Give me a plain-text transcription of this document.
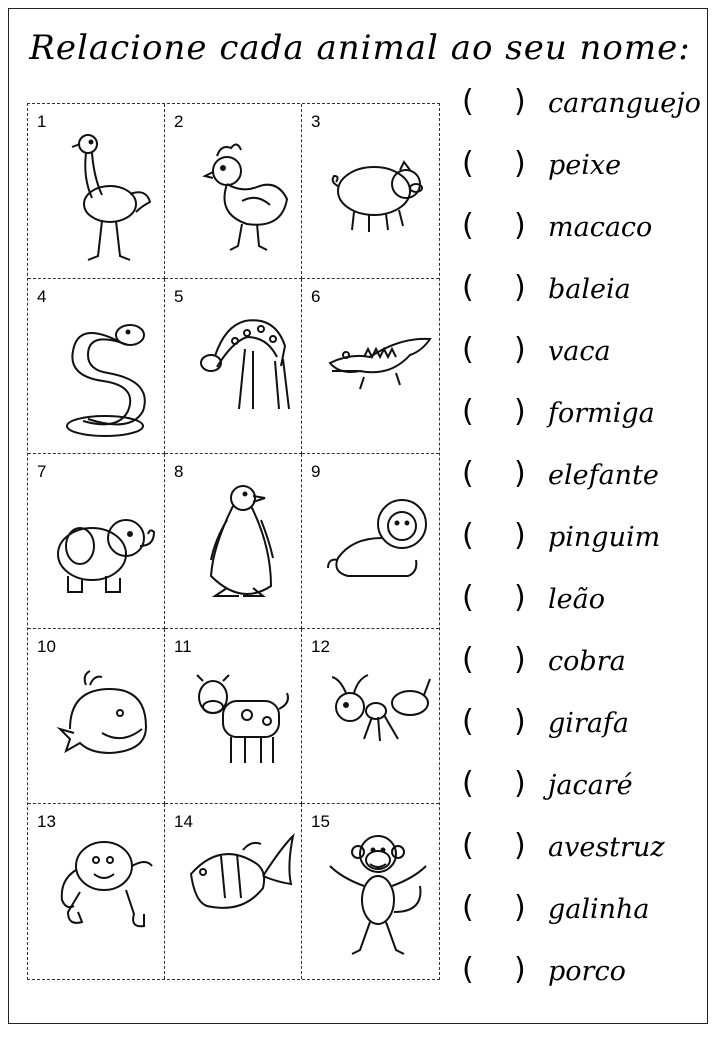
Relacione cada animal ao seu nome:
1	2	3
4	5	6
7	8	9
10	11	12
13	14	15
( ) caranguejo
( ) peixe
( ) macaco
( ) baleia
( ) vaca
( ) formiga
( ) elefante
( ) pinguim
( ) leão
( ) cobra
( ) girafa
( ) jacaré
( ) avestruz
( ) galinha
( ) porco
